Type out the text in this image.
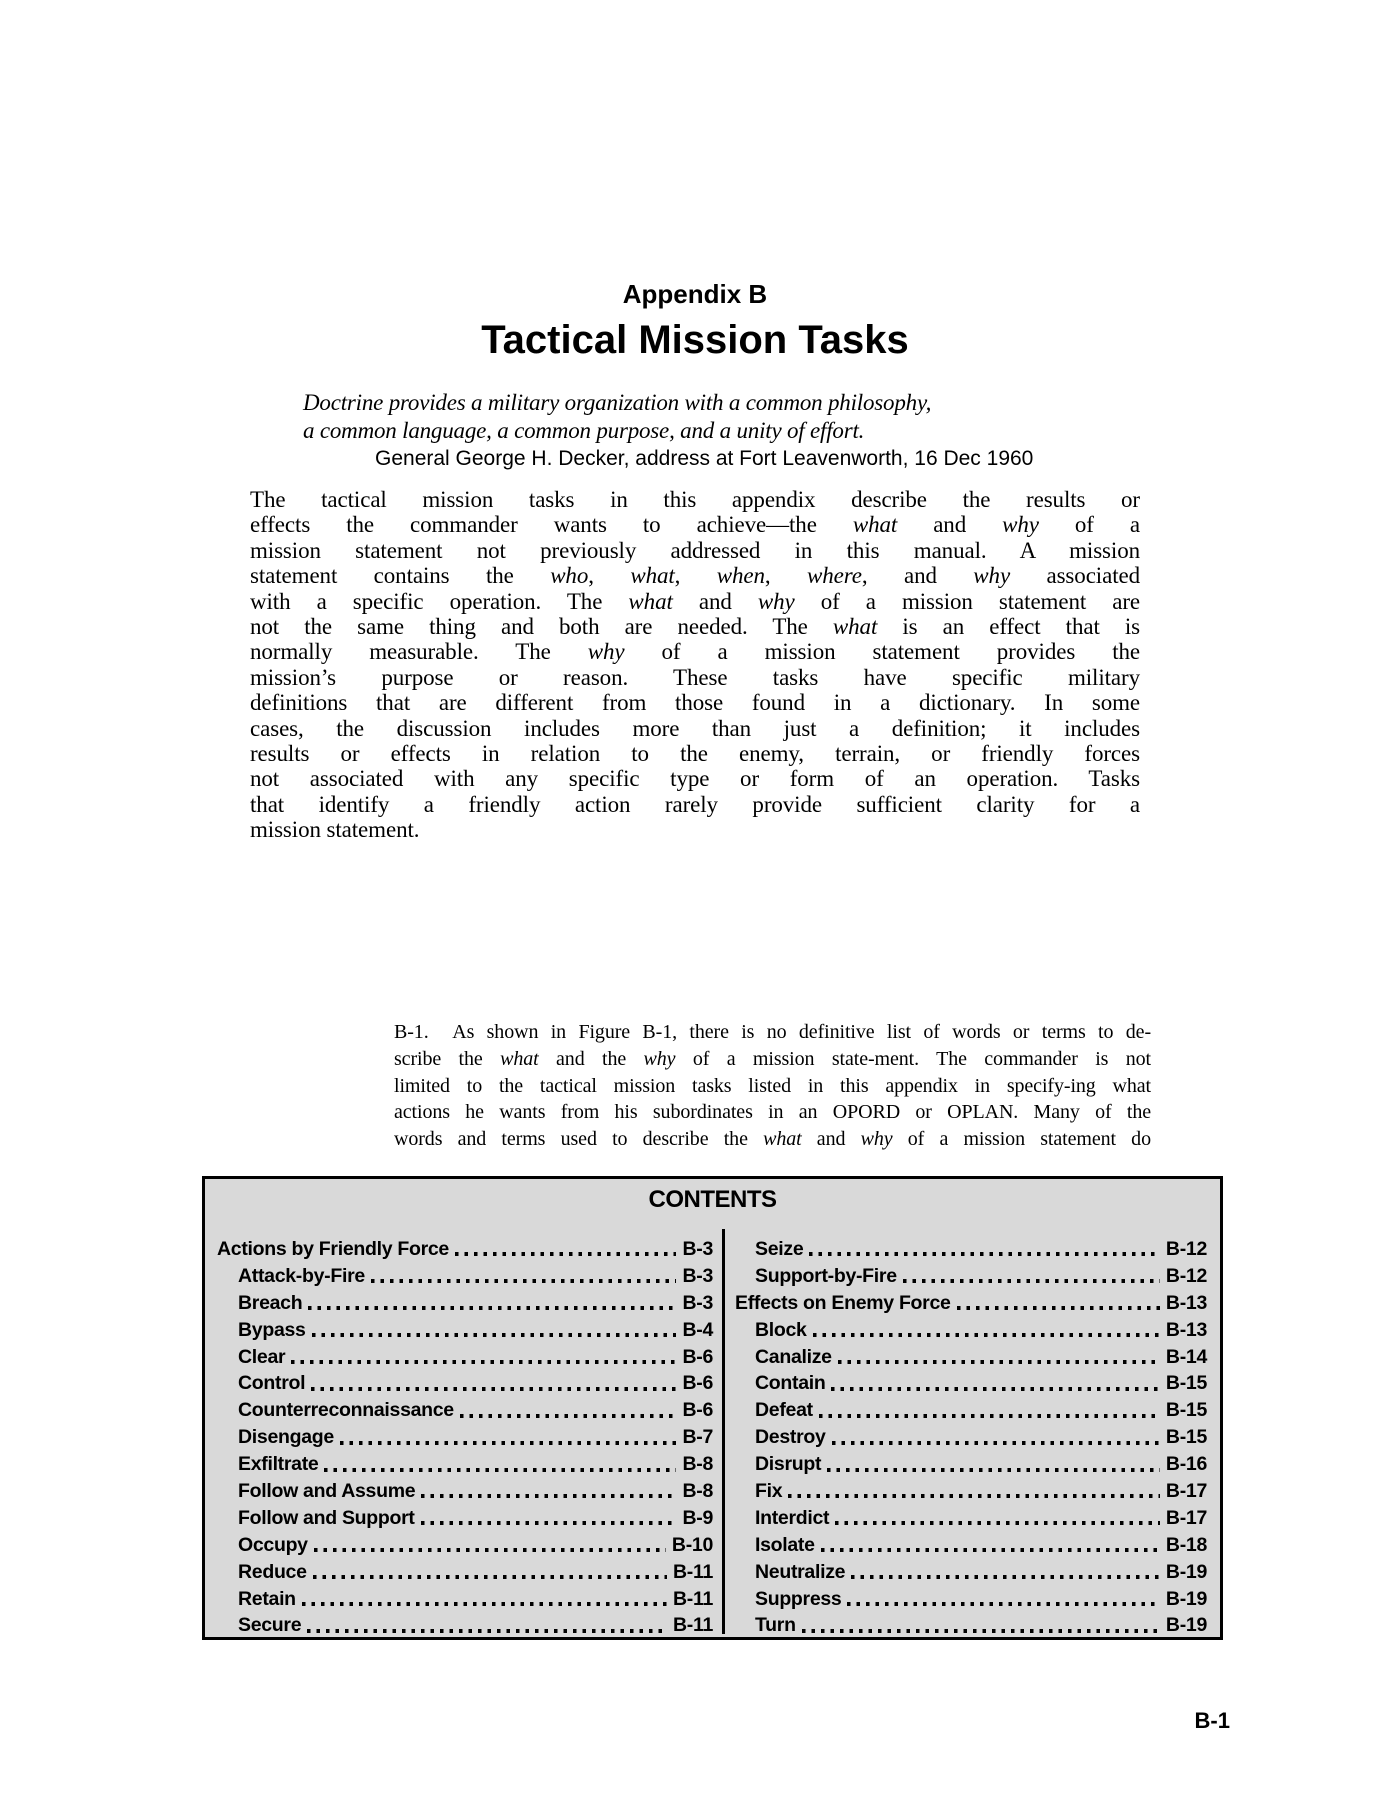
Appendix B
Tactical Mission Tasks
Doctrine provides a military organization with a common philosophy,
a common language, a common purpose, and a unity of effort.
General George H. Decker, address at Fort Leavenworth, 16 Dec 1960
The tactical mission tasks in this appendix describe the results or
effects the commander wants to achieve—the what and why of a
mission statement not previously addressed in this manual. A mission
statement contains the who, what, when, where, and why associated
with a specific operation. The what and why of a mission statement are
not the same thing and both are needed. The what is an effect that is
normally measurable. The why of a mission statement provides the
mission’s purpose or reason. These tasks have specific military
definitions that are different from those found in a dictionary. In some
cases, the discussion includes more than just a definition; it includes
results or effects in relation to the enemy, terrain, or friendly forces
not associated with any specific type or form of an operation. Tasks
that identify a friendly action rarely provide sufficient clarity for a
mission statement.
B-1.  As shown in Figure B-1, there is no definitive list of words or terms to de-
scribe the what and the why of a mission state-ment. The commander is not
limited to the tactical mission tasks listed in this appendix in specify-ing what
actions he wants from his subordinates in an OPORD or OPLAN. Many of the
words and terms used to describe the what and why of a mission statement do
CONTENTS
Actions by Friendly Force	B-3
Attack-by-Fire	B-3
Breach	B-3
Bypass	B-4
Clear	B-6
Control	B-6
Counterreconnaissance	B-6
Disengage	B-7
Exfiltrate	B-8
Follow and Assume	B-8
Follow and Support	B-9
Occupy	B-10
Reduce	B-11
Retain	B-11
Secure	B-11
Seize	B-12
Support-by-Fire	B-12
Effects on Enemy Force	B-13
Block	B-13
Canalize	B-14
Contain	B-15
Defeat	B-15
Destroy	B-15
Disrupt	B-16
Fix	B-17
Interdict	B-17
Isolate	B-18
Neutralize	B-19
Suppress	B-19
Turn	B-19
B-1
